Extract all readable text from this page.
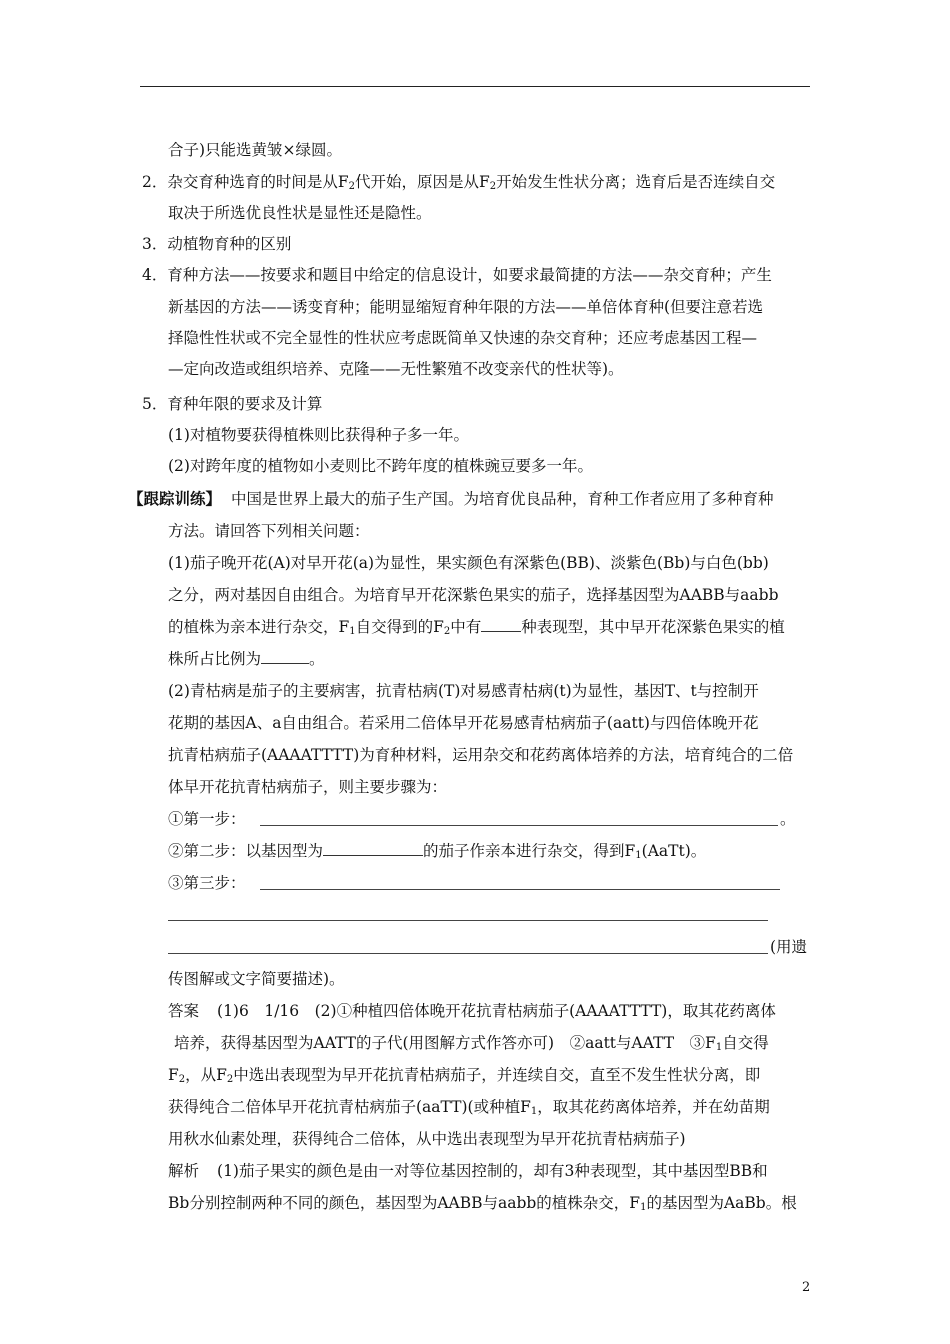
合子)只能选黄皱×绿圆。
2．杂交育种选育的时间是从$F_2$代开始，原因是从$F_2$开始发生性状分离；选育后是否连续自交
取决于所选优良性状是显性还是隐性。
3．动植物育种的区别
4．育种方法——按要求和题目中给定的信息设计，如要求最简捷的方法——杂交育种；产生
新基因的方法——诱变育种；能明显缩短育种年限的方法——单倍体育种(但要注意若选
择隐性性状或不完全显性的性状应考虑既简单又快速的杂交育种；还应考虑基因工程—
—定向改造或组织培养、克隆——无性繁殖不改变亲代的性状等)。
5．育种年限的要求及计算
(1)对植物要获得植株则比获得种子多一年。
(2)对跨年度的植物如小麦则比不跨年度的植株豌豆要多一年。
【跟踪训练】 中国是世界上最大的茄子生产国。为培育优良品种，育种工作者应用了多种育种
方法。请回答下列相关问题：
(1)茄子晚开花(A)对早开花(a)为显性，果实颜色有深紫色(BB)、淡紫色(Bb)与白色(bb)
之分，两对基因自由组合。为培育早开花深紫色果实的茄子，选择基因型为AABB与aabb
的植株为亲本进行杂交，$F_1$自交得到的$F_2$中有	种表现型，其中早开花深紫色果实的植
株所占比例为	。
(2)青枯病是茄子的主要病害，抗青枯病(T)对易感青枯病(t)为显性，基因T、t与控制开
花期的基因A、a自由组合。若采用二倍体早开花易感青枯病茄子(aatt)与四倍体晚开花
抗青枯病茄子(AAAATTTT)为育种材料，运用杂交和花药离体培养的方法，培育纯合的二倍
体早开花抗青枯病茄子，则主要步骤为：
①第一步：	。
②第二步：以基因型为	的茄子作亲本进行杂交，得到$F_1(AaTt)$。
③第三步：
(用遗
传图解或文字简要描述)。
答案 (1)6　1/16　(2)①种植四倍体晚开花抗青枯病茄子(AAAATTTT)，取其花药离体
培养，获得基因型为AATT的子代(用图解方式作答亦可)　②aatt与AATT　$③F_1$自交得
$F_2$，从$F_2$中选出表现型为早开花抗青枯病茄子，并连续自交，直至不发生性状分离，即
获得纯合二倍体早开花抗青枯病茄子(aaTT)(或种植$F_1$，取其花药离体培养，并在幼苗期
用秋水仙素处理，获得纯合二倍体，从中选出表现型为早开花抗青枯病茄子)
解析 (1)茄子果实的颜色是由一对等位基因控制的，却有3种表现型，其中基因型BB和
Bb分别控制两种不同的颜色，基因型为AABB与aabb的植株杂交，$F_1$的基因型为AaBb。根
2
